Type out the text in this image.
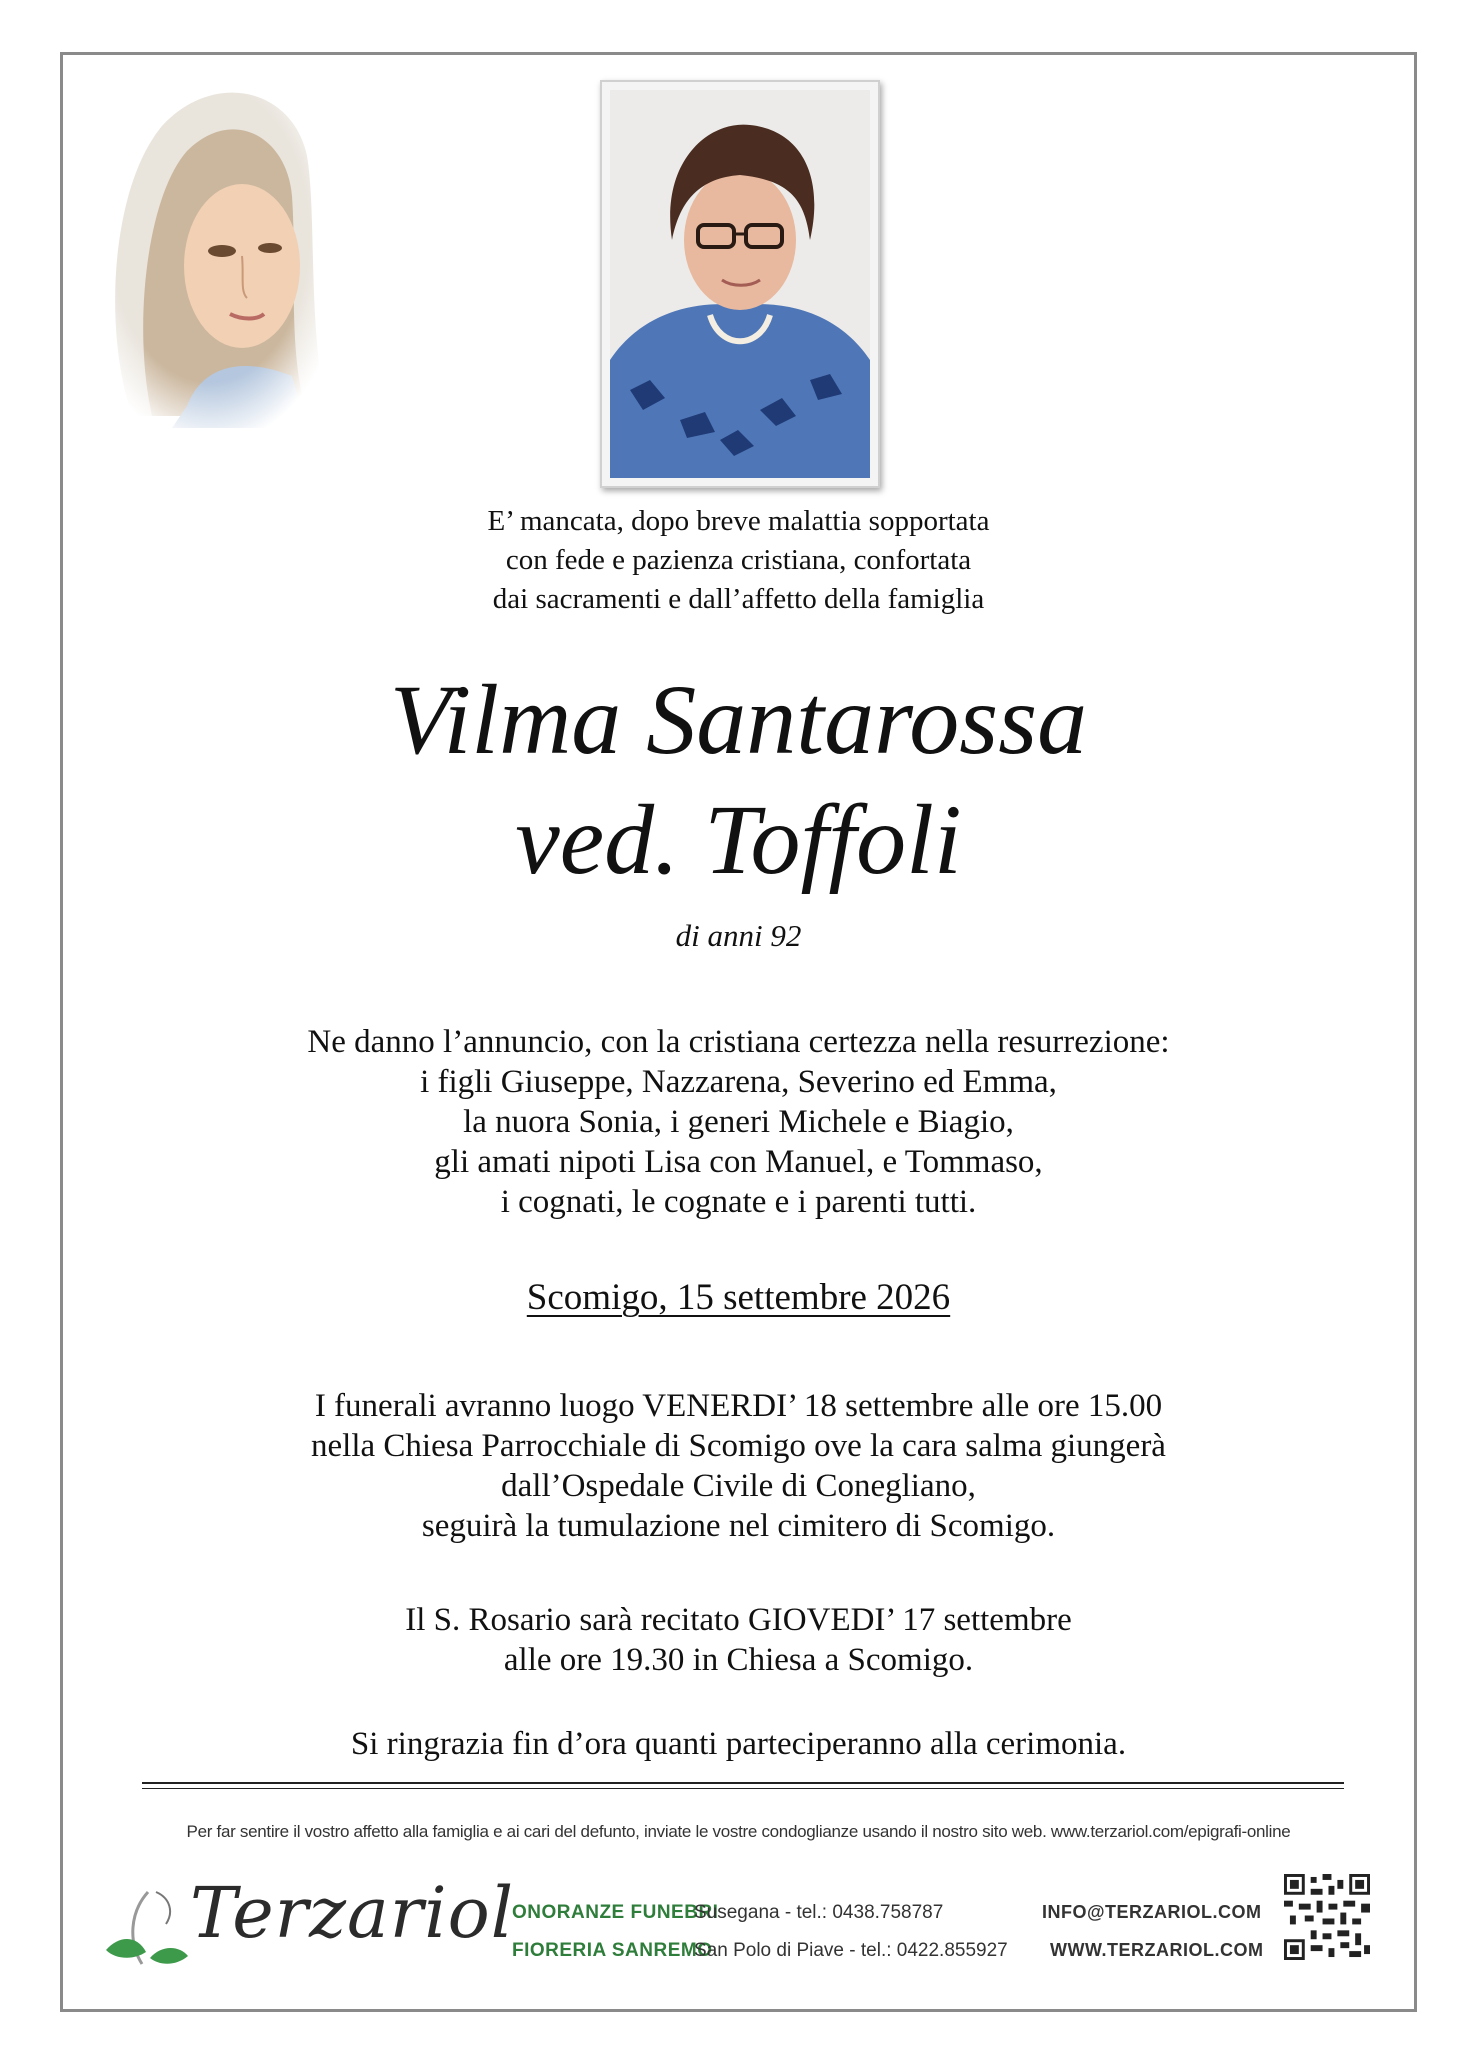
E’ mancata, dopo breve malattia sopportata
con fede e pazienza cristiana, confortata
dai sacramenti e dall’affetto della famiglia
Vilma Santarossa
ved. Toffoli
di anni 92
Ne danno l’annuncio, con la cristiana certezza nella resurrezione:
i figli Giuseppe, Nazzarena, Severino ed Emma,
la nuora Sonia, i generi Michele e Biagio,
gli amati nipoti Lisa con Manuel, e Tommaso,
i cognati, le cognate e i parenti tutti.
Scomigo, 15 settembre 2026
I funerali avranno luogo VENERDI’ 18 settembre alle ore 15.00
nella Chiesa Parrocchiale di Scomigo ove la cara salma giungerà
dall’Ospedale Civile di Conegliano,
seguirà la tumulazione nel cimitero di Scomigo.
Il S. Rosario sarà recitato GIOVEDI’ 17 settembre
alle ore 19.30 in Chiesa a Scomigo.
Si ringrazia fin d’ora quanti parteciperanno alla cerimonia.
Per far sentire il vostro affetto alla famiglia e ai cari del defunto, inviate le vostre condoglianze usando il nostro sito web. www.terzariol.com/epigrafi-online
Terzariol
ONORANZE FUNEBRI
FIORERIA SANREMO
Susegana - tel.: 0438.758787
San Polo di Piave - tel.: 0422.855927
INFO@TERZARIOL.COM
WWW.TERZARIOL.COM
